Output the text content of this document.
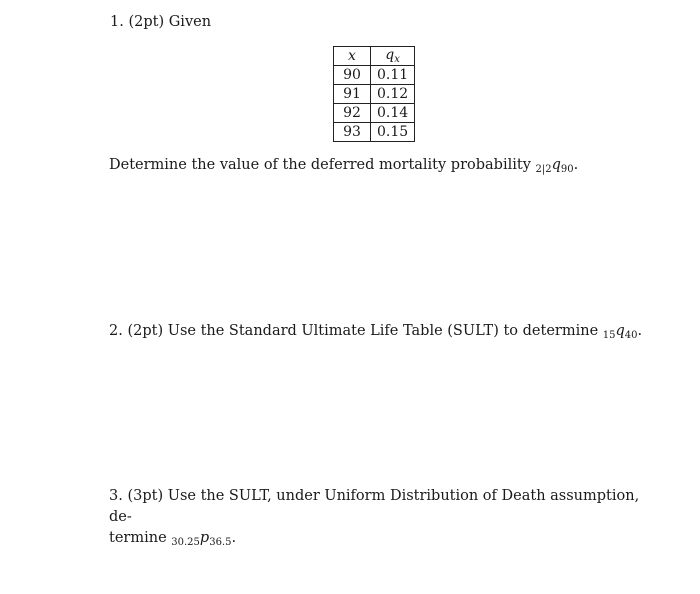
1. (2pt) Given
x	$q_x$
90	0.11
91	0.12
92	0.14
93	0.15
Determine the value of the deferred mortality probability $_{2|2}q_{90}$.
2. (2pt) Use the Standard Ultimate Life Table (SULT) to determine $_{15}q_{40}$.
3. (3pt) Use the SULT, under Uniform Distribution of Death assumption, de-
termine $_{30.25}p_{36.5}$.
